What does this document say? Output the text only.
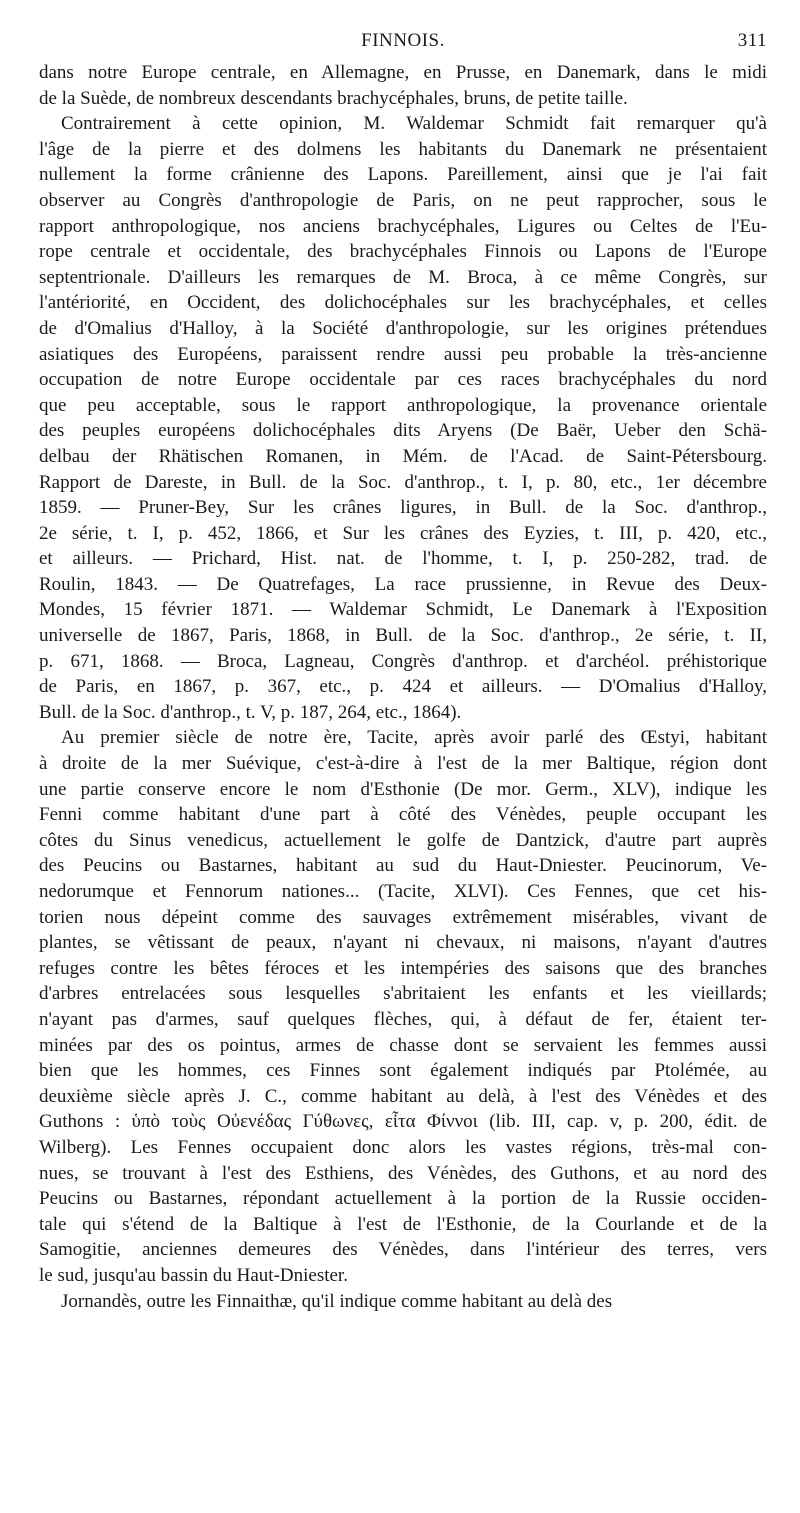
FINNOIS.	311
dans notre Europe centrale, en Allemagne, en Prusse, en Danemark, dans le midi
de la Suède, de nombreux descendants brachycéphales, bruns, de petite taille.
Contrairement à cette opinion, M. Waldemar Schmidt fait remarquer qu'à
l'âge de la pierre et des dolmens les habitants du Danemark ne présentaient
nullement la forme crânienne des Lapons. Pareillement, ainsi que je l'ai fait
observer au Congrès d'anthropologie de Paris, on ne peut rapprocher, sous le
rapport anthropologique, nos anciens brachycéphales, Ligures ou Celtes de l'Eu-
rope centrale et occidentale, des brachycéphales Finnois ou Lapons de l'Europe
septentrionale. D'ailleurs les remarques de M. Broca, à ce même Congrès, sur
l'antériorité, en Occident, des dolichocéphales sur les brachycéphales, et celles
de d'Omalius d'Halloy, à la Société d'anthropologie, sur les origines prétendues
asiatiques des Européens, paraissent rendre aussi peu probable la très-ancienne
occupation de notre Europe occidentale par ces races brachycéphales du nord
que peu acceptable, sous le rapport anthropologique, la provenance orientale
des peuples européens dolichocéphales dits Aryens (De Baër, Ueber den Schä-
delbau der Rhätischen Romanen, in Mém. de l'Acad. de Saint-Pétersbourg.
Rapport de Dareste, in Bull. de la Soc. d'anthrop., t. I, p. 80, etc., 1er décembre
1859. — Pruner-Bey, Sur les crânes ligures, in Bull. de la Soc. d'anthrop.,
2e série, t. I, p. 452, 1866, et Sur les crânes des Eyzies, t. III, p. 420, etc.,
et ailleurs. — Prichard, Hist. nat. de l'homme, t. I, p. 250-282, trad. de
Roulin, 1843. — De Quatrefages, La race prussienne, in Revue des Deux-
Mondes, 15 février 1871. — Waldemar Schmidt, Le Danemark à l'Exposition
universelle de 1867, Paris, 1868, in Bull. de la Soc. d'anthrop., 2e série, t. II,
p. 671, 1868. — Broca, Lagneau, Congrès d'anthrop. et d'archéol. préhistorique
de Paris, en 1867, p. 367, etc., p. 424 et ailleurs. — D'Omalius d'Halloy,
Bull. de la Soc. d'anthrop., t. V, p. 187, 264, etc., 1864).
Au premier siècle de notre ère, Tacite, après avoir parlé des Œstyi, habitant
à droite de la mer Suévique, c'est-à-dire à l'est de la mer Baltique, région dont
une partie conserve encore le nom d'Esthonie (De mor. Germ., XLV), indique les
Fenni comme habitant d'une part à côté des Vénèdes, peuple occupant les
côtes du Sinus venedicus, actuellement le golfe de Dantzick, d'autre part auprès
des Peucins ou Bastarnes, habitant au sud du Haut-Dniester. Peucinorum, Ve-
nedorumque et Fennorum nationes... (Tacite, XLVI). Ces Fennes, que cet his-
torien nous dépeint comme des sauvages extrêmement misérables, vivant de
plantes, se vêtissant de peaux, n'ayant ni chevaux, ni maisons, n'ayant d'autres
refuges contre les bêtes féroces et les intempéries des saisons que des branches
d'arbres entrelacées sous lesquelles s'abritaient les enfants et les vieillards;
n'ayant pas d'armes, sauf quelques flèches, qui, à défaut de fer, étaient ter-
minées par des os pointus, armes de chasse dont se servaient les femmes aussi
bien que les hommes, ces Finnes sont également indiqués par Ptolémée, au
deuxième siècle après J. C., comme habitant au delà, à l'est des Vénèdes et des
Guthons : ὑπὸ τοὺς Οὐενέδας Γύθωνες, εἶτα Φίννοι (lib. III, cap. v, p. 200, édit. de
Wilberg). Les Fennes occupaient donc alors les vastes régions, très-mal con-
nues, se trouvant à l'est des Esthiens, des Vénèdes, des Guthons, et au nord des
Peucins ou Bastarnes, répondant actuellement à la portion de la Russie occiden-
tale qui s'étend de la Baltique à l'est de l'Esthonie, de la Courlande et de la
Samogitie, anciennes demeures des Vénèdes, dans l'intérieur des terres, vers
le sud, jusqu'au bassin du Haut-Dniester.
Jornandès, outre les Finnaithæ, qu'il indique comme habitant au delà des
